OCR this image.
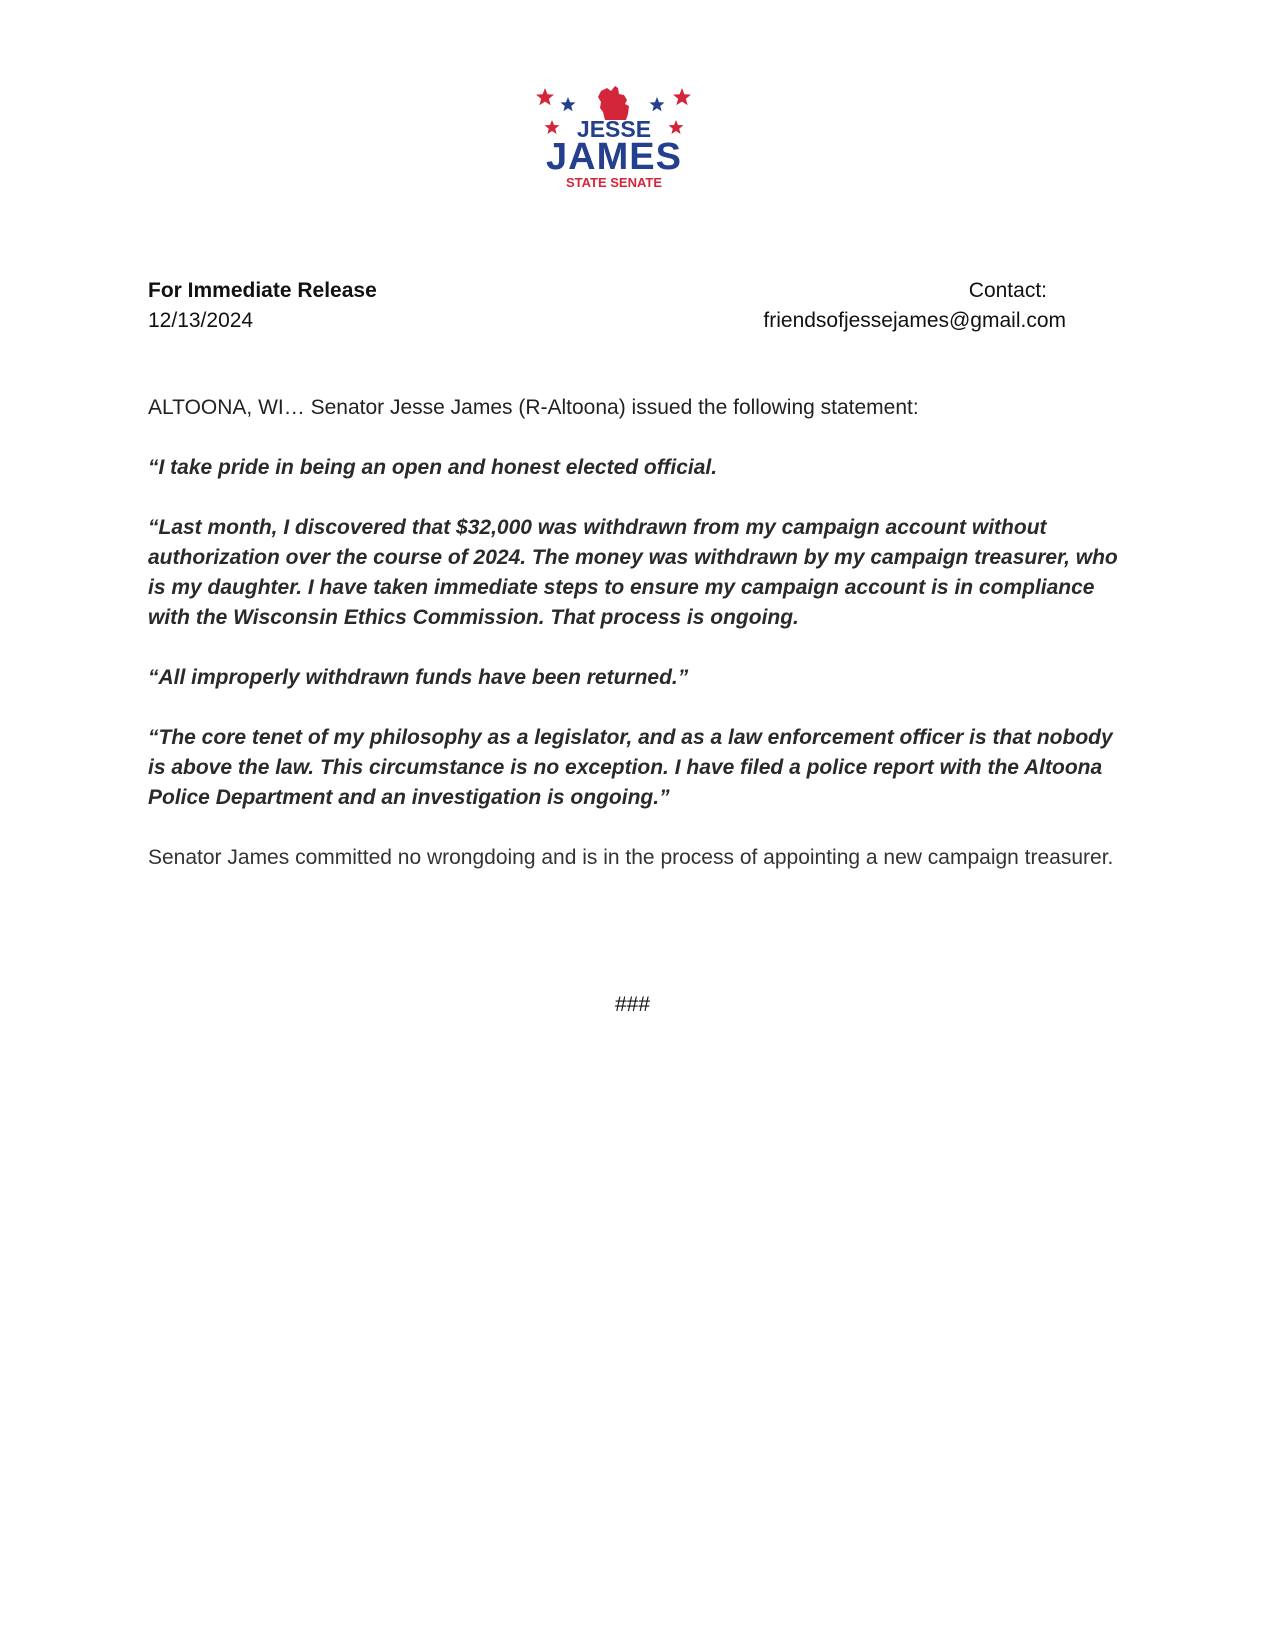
JESSE
JAMES
STATE SENATE
For Immediate Release
12/13/2024
Contact:
friendsofjessejames@gmail.com

ALTOONA, WI… Senator Jesse James (R-Altoona) issued the following statement:

“I take pride in being an open and honest elected official.

“Last month, I discovered that $32,000 was withdrawn from my campaign account without authorization over the course of 2024. The money was withdrawn by my campaign treasurer, who is my daughter. I have taken immediate steps to ensure my campaign account is in compliance with the Wisconsin Ethics Commission. That process is ongoing.

“All improperly withdrawn funds have been returned.”

“The core tenet of my philosophy as a legislator, and as a law enforcement officer is that nobody is above the law. This circumstance is no exception. I have filed a police report with the Altoona Police Department and an investigation is ongoing.”

Senator James committed no wrongdoing and is in the process of appointing a new campaign treasurer.

###
